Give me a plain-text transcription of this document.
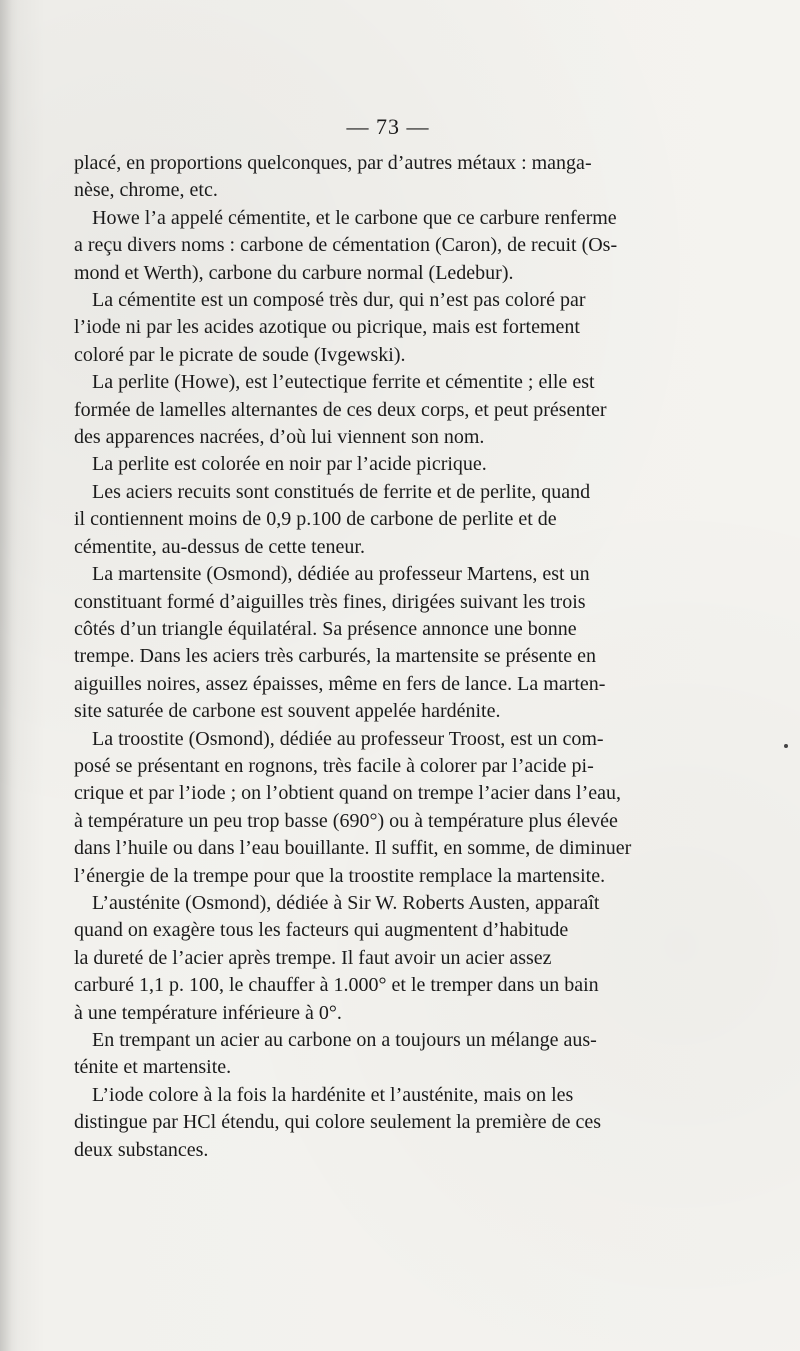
— 73 —
placé, en proportions quelconques, par d’autres métaux : manga-
nèse, chrome, etc.
Howe l’a appelé cémentite, et le carbone que ce carbure renferme
a reçu divers noms : carbone de cémentation (Caron), de recuit (Os-
mond et Werth), carbone du carbure normal (Ledebur).
La cémentite est un composé très dur, qui n’est pas coloré par
l’iode ni par les acides azotique ou picrique, mais est fortement
coloré par le picrate de soude (Ivgewski).
La perlite (Howe), est l’eutectique ferrite et cémentite ; elle est
formée de lamelles alternantes de ces deux corps, et peut présenter
des apparences nacrées, d’où lui viennent son nom.
La perlite est colorée en noir par l’acide picrique.
Les aciers recuits sont constitués de ferrite et de perlite, quand
il contiennent moins de 0,9 p.100 de carbone de perlite et de
cémentite, au-dessus de cette teneur.
La martensite (Osmond), dédiée au professeur Martens, est un
constituant formé d’aiguilles très fines, dirigées suivant les trois
côtés d’un triangle équilatéral. Sa présence annonce une bonne
trempe. Dans les aciers très carburés, la martensite se présente en
aiguilles noires, assez épaisses, même en fers de lance. La marten-
site saturée de carbone est souvent appelée hardénite.
La troostite (Osmond), dédiée au professeur Troost, est un com-
posé se présentant en rognons, très facile à colorer par l’acide pi-
crique et par l’iode ; on l’obtient quand on trempe l’acier dans l’eau,
à température un peu trop basse (690°) ou à température plus élevée
dans l’huile ou dans l’eau bouillante. Il suffit, en somme, de diminuer
l’énergie de la trempe pour que la troostite remplace la martensite.
L’austénite (Osmond), dédiée à Sir W. Roberts Austen, apparaît
quand on exagère tous les facteurs qui augmentent d’habitude
la dureté de l’acier après trempe. Il faut avoir un acier assez
carburé 1,1 p. 100, le chauffer à 1.000° et le tremper dans un bain
à une température inférieure à 0°.
En trempant un acier au carbone on a toujours un mélange aus-
ténite et martensite.
L’iode colore à la fois la hardénite et l’austénite, mais on les
distingue par HCl étendu, qui colore seulement la première de ces
deux substances.
